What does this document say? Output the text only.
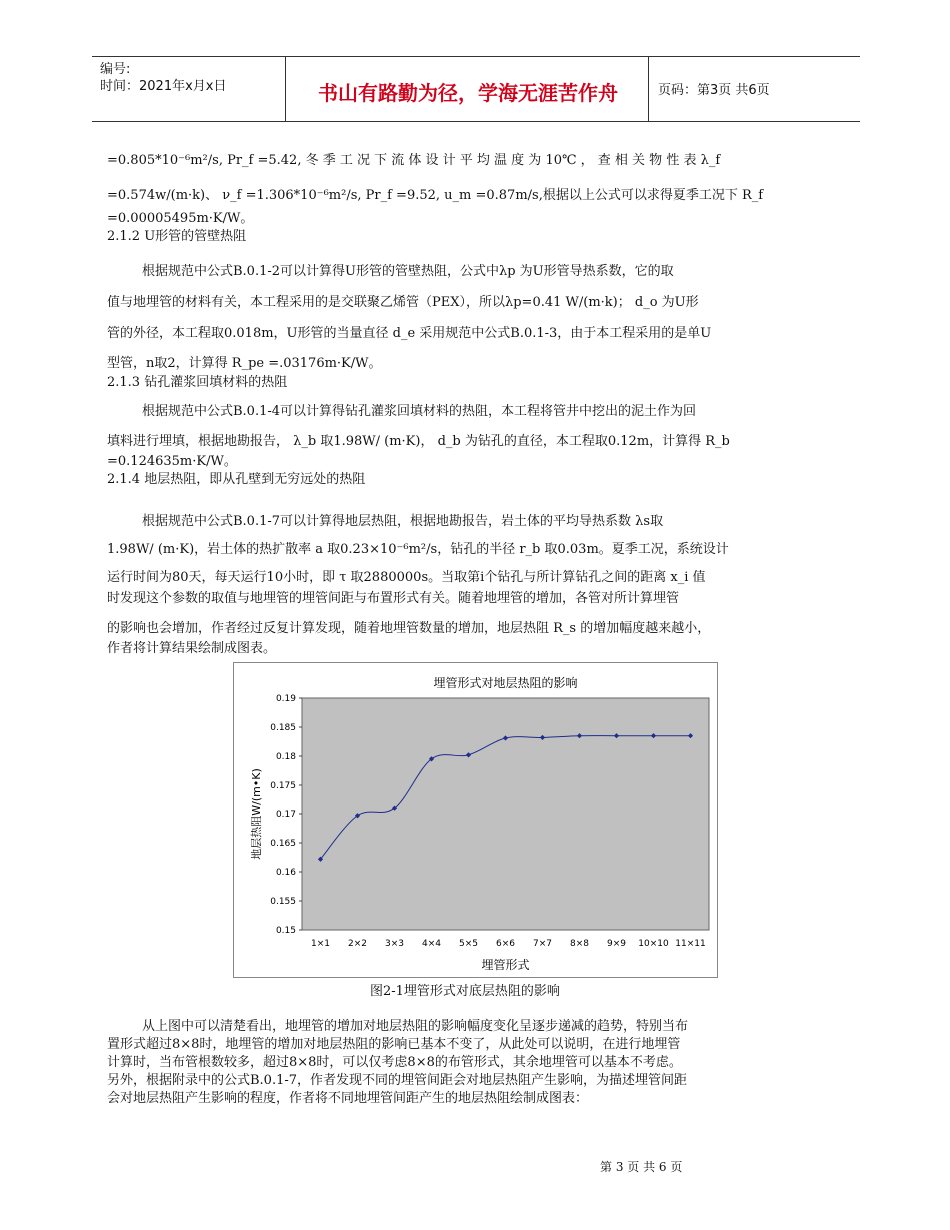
编号:
时间：2021年x月x日	书山有路勤为径，学海无涯苦作舟	页码：第3页 共6页
=0.805*10⁻⁶m²/s, Pr_f =5.42, 冬 季 工 况 下 流 体 设 计 平 均 温 度 为 10℃ ， 查 相 关 物 性 表 λ_f
=0.574w/(m·k)、 ν_f =1.306*10⁻⁶m²/s, Pr_f =9.52, u_m =0.87m/s,根据以上公式可以求得夏季工况下 R_f
=0.00005495m·K/W。
2.1.2 U形管的管壁热阻
根据规范中公式B.0.1-2可以计算得U形管的管壁热阻，公式中λp 为U形管导热系数，它的取
值与地埋管的材料有关，本工程采用的是交联聚乙烯管（PEX），所以λp=0.41 W/(m·k)； d_o 为U形
管的外径，本工程取0.018m，U形管的当量直径 d_e 采用规范中公式B.0.1-3，由于本工程采用的是单U
型管，n取2，计算得 R_pe =.03176m·K/W。
2.1.3 钻孔灌浆回填材料的热阻
根据规范中公式B.0.1-4可以计算得钻孔灌浆回填材料的热阻，本工程将管井中挖出的泥土作为回
填料进行埋填，根据地勘报告， λ_b 取1.98W/ (m·K)， d_b 为钻孔的直径，本工程取0.12m，计算得 R_b
=0.124635m·K/W。
2.1.4 地层热阻，即从孔壁到无穷远处的热阻
根据规范中公式B.0.1-7可以计算得地层热阻，根据地勘报告，岩土体的平均导热系数 λs取
1.98W/ (m·K)，岩土体的热扩散率 a 取0.23×10⁻⁶m²/s，钻孔的半径 r_b 取0.03m。夏季工况，系统设计
运行时间为80天，每天运行10小时，即 τ 取2880000s。当取第i个钻孔与所计算钻孔之间的距离 x_i 值
时发现这个参数的取值与地埋管的埋管间距与布置形式有关。随着地埋管的增加，各管对所计算埋管
的影响也会增加，作者经过反复计算发现，随着地埋管数量的增加，地层热阻 R_s 的增加幅度越来越小，
作者将计算结果绘制成图表。
埋管形式对地层热阻的影响
0.15
0.155
0.16
0.165
0.17
0.175
0.18
0.185
0.19
1×1 2×2 3×3 4×4 5×5 6×6 7×7 8×8 9×9 10×10 11×11
埋管形式
地层热阻W/(m•K)
图2-1埋管形式对底层热阻的影响
从上图中可以清楚看出，地埋管的增加对地层热阻的影响幅度变化呈逐步递减的趋势，特别当布
置形式超过8×8时，地埋管的增加对地层热阻的影响已基本不变了，从此处可以说明，在进行地埋管
计算时，当布管根数较多，超过8×8时，可以仅考虑8×8的布管形式，其余地埋管可以基本不考虑。
另外，根据附录中的公式B.0.1-7，作者发现不同的埋管间距会对地层热阻产生影响，为描述埋管间距
会对地层热阻产生影响的程度，作者将不同地埋管间距产生的地层热阻绘制成图表：
第 3 页 共 6 页
